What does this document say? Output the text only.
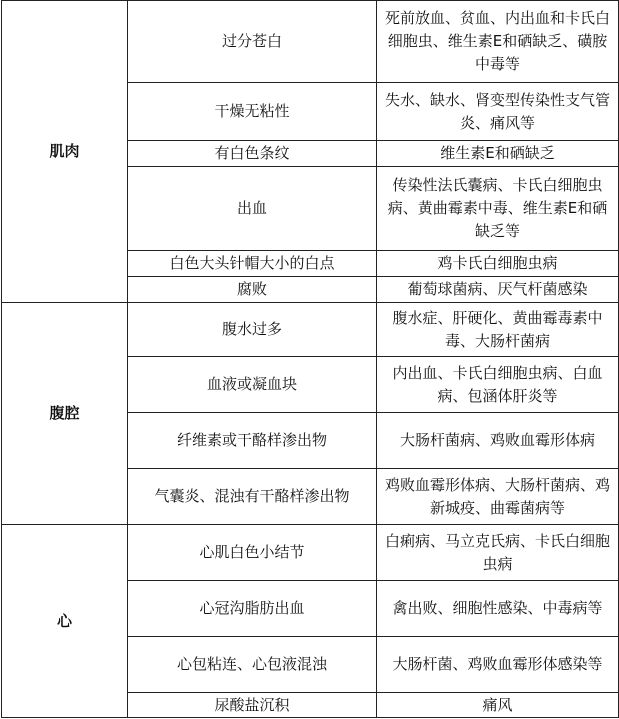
肌肉	过分苍白	死前放血、贫血、内出血和卡氏白细胞虫、维生素E和硒缺乏、磺胺中毒等
	干燥无粘性	失水、缺水、肾变型传染性支气管炎、痛风等
	有白色条纹	维生素E和硒缺乏
	出血	传染性法氏囊病、卡氏白细胞虫病、黄曲霉素中毒、维生素E和硒缺乏等
	白色大头针帽大小的白点	鸡卡氏白细胞虫病
	腐败	葡萄球菌病、厌气杆菌感染
腹腔	腹水过多	腹水症、肝硬化、黄曲霉毒素中毒、大肠杆菌病
	血液或凝血块	内出血、卡氏白细胞虫病、白血病、包涵体肝炎等
	纤维素或干酪样渗出物	大肠杆菌病、鸡败血霉形体病
	气囊炎、混浊有干酪样渗出物	鸡败血霉形体病、大肠杆菌病、鸡新城疫、曲霉菌病等
心	心肌白色小结节	白痢病、马立克氏病、卡氏白细胞虫病
	心冠沟脂肪出血	禽出败、细胞性感染、中毒病等
	心包粘连、心包液混浊	大肠杆菌、鸡败血霉形体感染等
	尿酸盐沉积	痛风
